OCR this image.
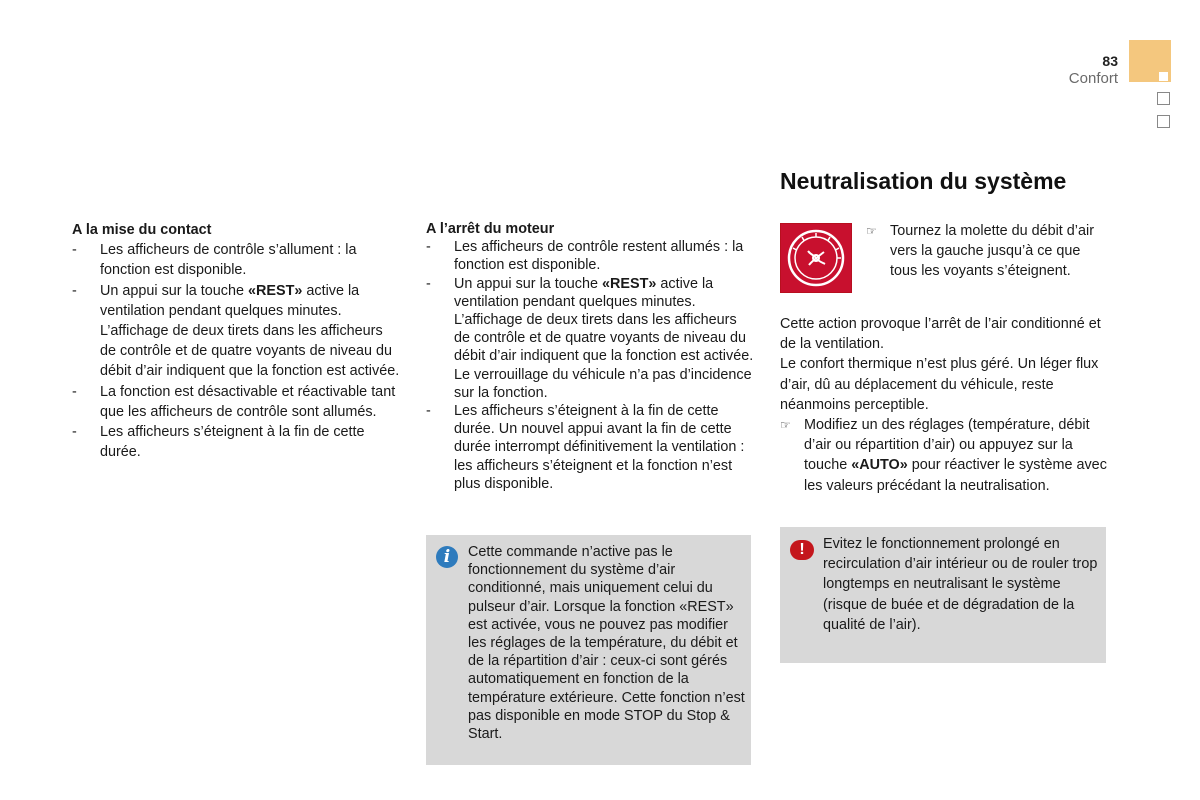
83
Confort
A la mise du contact
- Les afficheurs de contrôle s’allument : la fonction est disponible.
- Un appui sur la touche «REST» active la ventilation pendant quelques minutes. L’affichage de deux tirets dans les afficheurs de contrôle et de quatre voyants de niveau du débit d’air indiquent que la fonction est activée.
- La fonction est désactivable et réactivable tant que les afficheurs de contrôle sont allumés.
- Les afficheurs s’éteignent à la fin de cette durée.
A l’arrêt du moteur
- Les afficheurs de contrôle restent allumés : la fonction est disponible.
- Un appui sur la touche «REST» active la ventilation pendant quelques minutes. L’affichage de deux tirets dans les afficheurs de contrôle et de quatre voyants de niveau du débit d’air indiquent que la fonction est activée. Le verrouillage du véhicule n’a pas d’incidence sur la fonction.
- Les afficheurs s’éteignent à la fin de cette durée. Un nouvel appui avant la fin de cette durée interrompt définitivement la ventilation : les afficheurs s’éteignent et la fonction n’est plus disponible.
i	Cette commande n’active pas le fonctionnement du système d’air conditionné, mais uniquement celui du pulseur d’air. Lorsque la fonction «REST» est activée, vous ne pouvez pas modifier les réglages de la température, du débit et de la répartition d’air : ceux-ci sont gérés automatiquement en fonction de la température extérieure. Cette fonction n’est pas disponible en mode STOP du Stop & Start.
Neutralisation du système
☞ Tournez la molette du débit d’air vers la gauche jusqu’à ce que tous les voyants s’éteignent.
Cette action provoque l’arrêt de l’air conditionné et de la ventilation.
Le confort thermique n’est plus géré. Un léger flux d’air, dû au déplacement du véhicule, reste néanmoins perceptible.
☞ Modifiez un des réglages (température, débit d’air ou répartition d’air) ou appuyez sur la touche «AUTO» pour réactiver le système avec les valeurs précédant la neutralisation.
!	Evitez le fonctionnement prolongé en recirculation d’air intérieur ou de rouler trop longtemps en neutralisant le système (risque de buée et de dégradation de la qualité de l’air).
